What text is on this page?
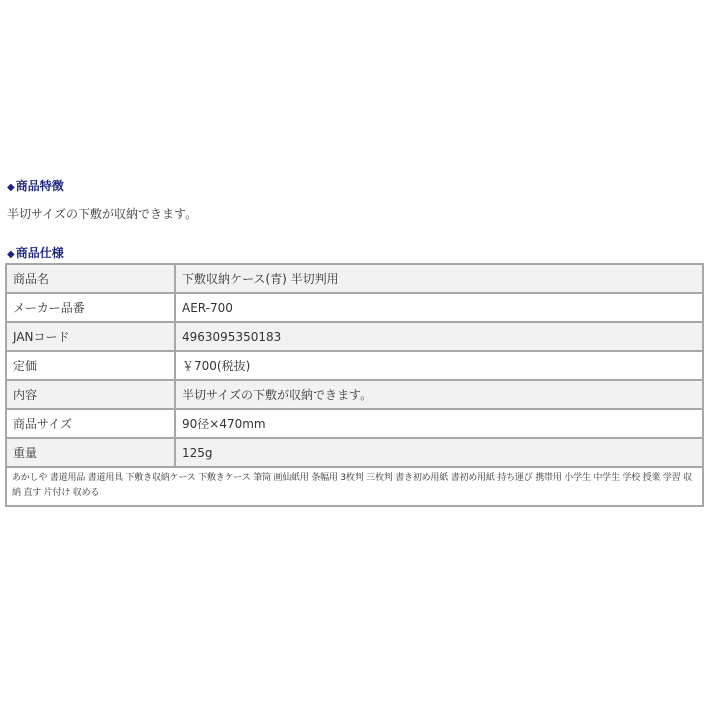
◆商品特徴
半切サイズの下敷が収納できます。
◆商品仕様
商品名	下敷収納ケース(青) 半切判用
メーカー品番	AER-700
JANコード	4963095350183
定価	￥700(税抜)
内容	半切サイズの下敷が収納できます。
商品サイズ	90径×470mm
重量	125g
あかしや 書道用品 書道用具 下敷き収納ケース 下敷きケース 筆筒 画仙紙用 条幅用 3枚判 三枚判 書き初め用紙 書初め用紙 持ち運び 携帯用 小学生 中学生 学校 授業 学習 収納 直す 片付け 収める	
